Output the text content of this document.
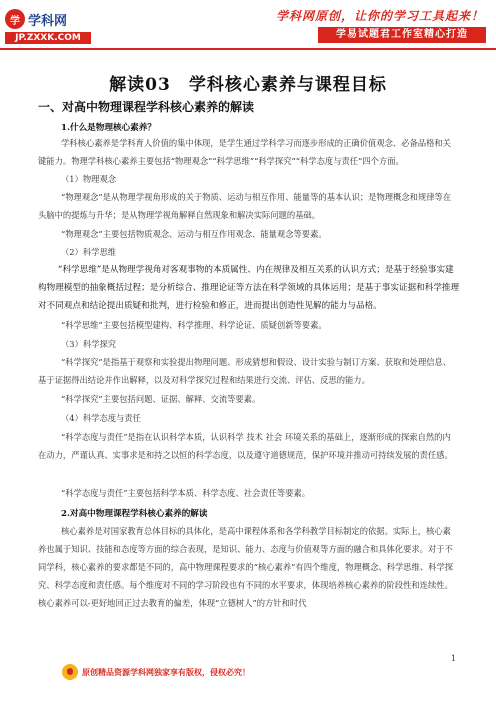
学 学科网
JP.ZXXK.COM
学科网原创，让你的学习工具起来！
学易试题君工作室精心打造
解读03　学科核心素养与课程目标
一、对高中物理课程学科核心素养的解读
1.什么是物理核心素养？
学科核心素养是学科育人价值的集中体现，是学生通过学科学习而逐步形成的正确价值观念、必备品格和关键能力。物理学科核心素养主要包括“物理观念”“科学思维”“科学探究”“科学态度与责任”四个方面。
（1）物理观念
“物理观念”是从物理学视角形成的关于物质、运动与相互作用、能量等的基本认识；是物理概念和规律等在头脑中的提炼与升华；是从物理学视角解释自然现象和解决实际问题的基础。
“物理观念”主要包括物质观念、运动与相互作用观念、能量观念等要素。
（2）科学思维
“科学思维”是从物理学视角对客观事物的本质属性、内在规律及相互关系的认识方式；是基于经验事实建构物理模型的抽象概括过程；是分析综合、推理论证等方法在科学领域的具体运用；是基于事实证据和科学推理对不同观点和结论提出质疑和批判，进行检验和修正，进而提出创造性见解的能力与品格。
“科学思维”主要包括模型建构、科学推理、科学论证、质疑创新等要素。
（3）科学探究
“科学探究”是指基于观察和实验提出物理问题、形成猜想和假设、设计实验与制订方案、获取和处理信息、基于证据得出结论并作出解释，以及对科学探究过程和结果进行交流、评估、反思的能力。
“科学探究”主要包括问题、证据、解释、交流等要素。
（4）科学态度与责任
“科学态度与责任”是指在认识科学本质，认识科学 技术 社会 环境关系的基础上，逐渐形成的探索自然的内在动力，严谨认真、实事求是和持之以恒的科学态度，以及遵守道德规范，保护环境并推动可持续发展的责任感。
“科学态度与责任”主要包括科学本质、科学态度、社会责任等要素。
2.对高中物理课程学科核心素养的解读
核心素养是对国家教育总体目标的具体化，是高中课程体系和各学科教学目标制定的依据。实际上，核心素养也属于知识、技能和态度等方面的综合表现，是知识、能力、态度与价值观等方面的融合和具体化要求。对于不同学科，核心素养的要求都是不同的，高中物理课程要求的“核心素养”有四个维度，物理概念、科学思维、科学探究、科学态度和责任感。每个维度对不同的学习阶段也有不同的水平要求，体现培养核心素养的阶段性和连续性。核心素养可以-更好地回正过去教育的偏差，体现“立德树人”的方针和时代
1
原创精品资源学科网独家享有版权，侵权必究！
